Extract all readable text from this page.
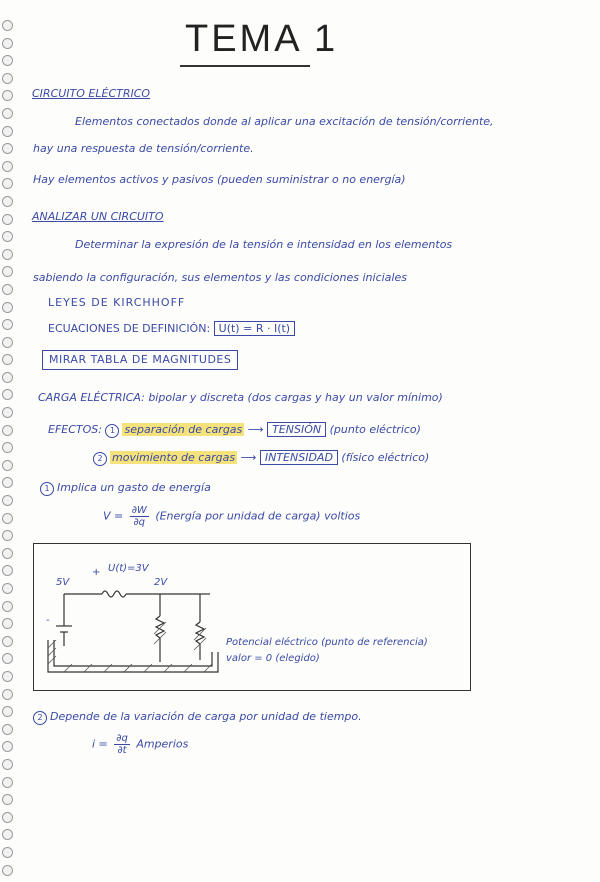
TEMA 1
CIRCUITO ELÉCTRICO
Elementos conectados donde al aplicar una excitación de tensión/corriente,
hay una respuesta de tensión/corriente.
Hay elementos activos y pasivos (pueden suministrar o no energía)
ANALIZAR UN CIRCUITO
Determinar la expresión de la tensión e intensidad en los elementos
sabiendo la configuración, sus elementos y las condiciones iniciales
LEYES DE KIRCHHOFF
ECUACIONES DE DEFINICIÓN: U(t) = R · I(t)
MIRAR TABLA DE MAGNITUDES
CARGA ELÉCTRICA: bipolar y discreta (dos cargas y hay un valor mínimo)
EFECTOS: 1 separación de cargas ⟶ TENSIÓN (punto eléctrico)
2 movimiento de cargas ⟶ INTENSIDAD (físico eléctrico)
1 Implica un gasto de energía
$V = \frac{\partial W}{\partial q}$ (Energía por unidad de carga) voltios
5V
+ U(t)=3V
2V
-
Potencial eléctrico (punto de referencia)
valor = 0 (elegido)
2 Depende de la variación de carga por unidad de tiempo.
$i = \frac{\partial q}{\partial t}$ Amperios
